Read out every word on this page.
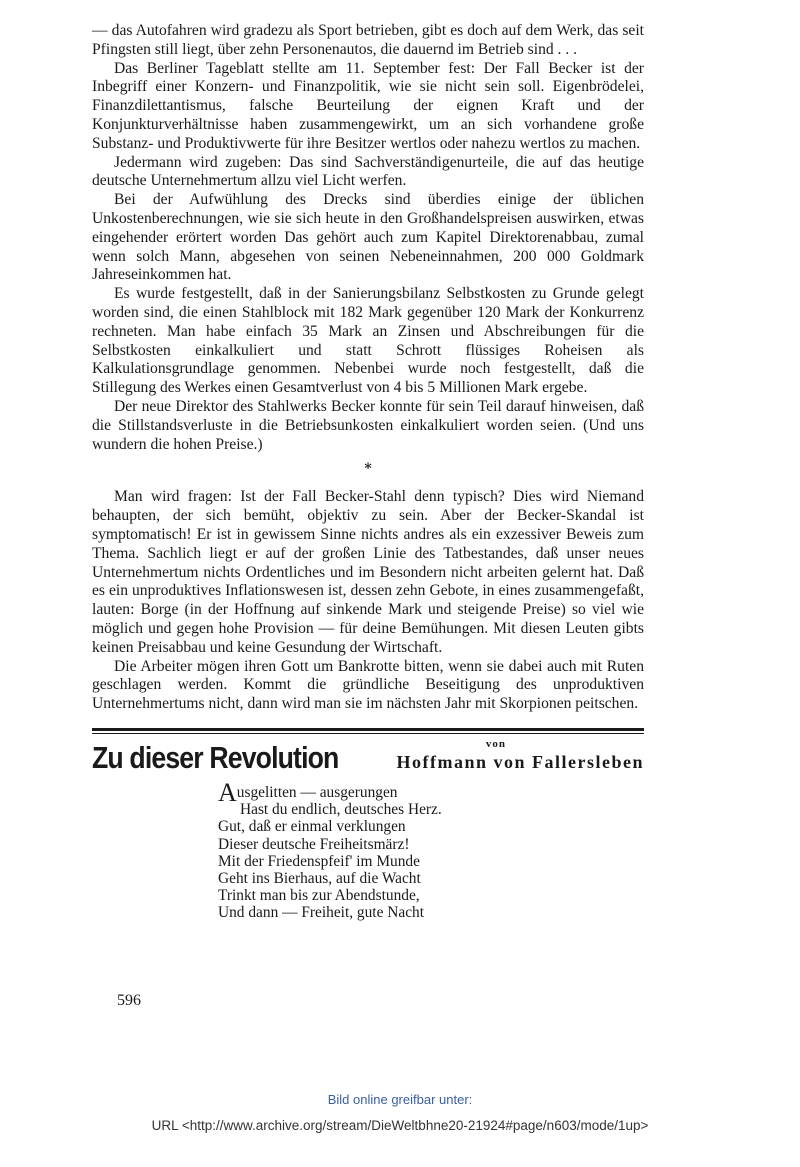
— das Autofahren wird gradezu als Sport betrieben, gibt es doch auf dem Werk, das seit Pfingsten still liegt, über zehn Personenautos, die dauernd im Betrieb sind . . .

Das Berliner Tageblatt stellte am 11. September fest: Der Fall Becker ist der Inbegriff einer Konzern- und Finanzpolitik, wie sie nicht sein soll. Eigenbrödelei, Finanzdilettantismus, falsche Beurteilung der eignen Kraft und der Konjunkturverhältnisse haben zusammengewirkt, um an sich vorhandene große Substanz- und Produktivwerte für ihre Besitzer wertlos oder nahezu wertlos zu machen.

Jedermann wird zugeben: Das sind Sachverständigenurteile, die auf das heutige deutsche Unternehmertum allzu viel Licht werfen.

Bei der Aufwühlung des Drecks sind überdies einige der üblichen Unkostenberechnungen, wie sie sich heute in den Großhandelspreisen auswirken, etwas eingehender erörtert worden Das gehört auch zum Kapitel Direktorenabbau, zumal wenn solch Mann, abgesehen von seinen Nebeneinnahmen, 200 000 Goldmark Jahreseinkommen hat.

Es wurde festgestellt, daß in der Sanierungsbilanz Selbstkosten zu Grunde gelegt worden sind, die einen Stahlblock mit 182 Mark gegenüber 120 Mark der Konkurrenz rechneten. Man habe einfach 35 Mark an Zinsen und Abschreibungen für die Selbstkosten einkalkuliert und statt Schrott flüssiges Roheisen als Kalkulationsgrundlage genommen. Nebenbei wurde noch festgestellt, daß die Stillegung des Werkes einen Gesamtverlust von 4 bis 5 Millionen Mark ergebe.

Der neue Direktor des Stahlwerks Becker konnte für sein Teil darauf hinweisen, daß die Stillstandsverluste in die Betriebsunkosten einkalkuliert worden seien. (Und uns wundern die hohen Preise.)

*

Man wird fragen: Ist der Fall Becker-Stahl denn typisch? Dies wird Niemand behaupten, der sich bemüht, objektiv zu sein. Aber der Becker-Skandal ist symptomatisch! Er ist in gewissem Sinne nichts andres als ein exzessiver Beweis zum Thema. Sachlich liegt er auf der großen Linie des Tatbestandes, daß unser neues Unternehmertum nichts Ordentliches und im Besondern nicht arbeiten gelernt hat. Daß es ein unproduktives Inflationswesen ist, dessen zehn Gebote, in eines zusammengefaßt, lauten: Borge (in der Hoffnung auf sinkende Mark und steigende Preise) so viel wie möglich und gegen hohe Provision — für deine Bemühungen. Mit diesen Leuten gibts keinen Preisabbau und keine Gesundung der Wirtschaft.

Die Arbeiter mögen ihren Gott um Bankrotte bitten, wenn sie dabei auch mit Ruten geschlagen werden. Kommt die gründliche Beseitigung des unproduktiven Unternehmertums nicht, dann wird man sie im nächsten Jahr mit Skorpionen peitschen.

Zu dieser Revolution	von
Hoffmann von Fallersleben
Ausgelitten — ausgerungen
Hast du endlich, deutsches Herz.
Gut, daß er einmal verklungen
Dieser deutsche Freiheitsmärz!
Mit der Friedenspfeif' im Munde
Geht ins Bierhaus, auf die Wacht
Trinkt man bis zur Abendstunde,
Und dann — Freiheit, gute Nacht
596
Bild online greifbar unter:
URL <http://www.archive.org/stream/DieWeltbhne20-21924#page/n603/mode/1up>
